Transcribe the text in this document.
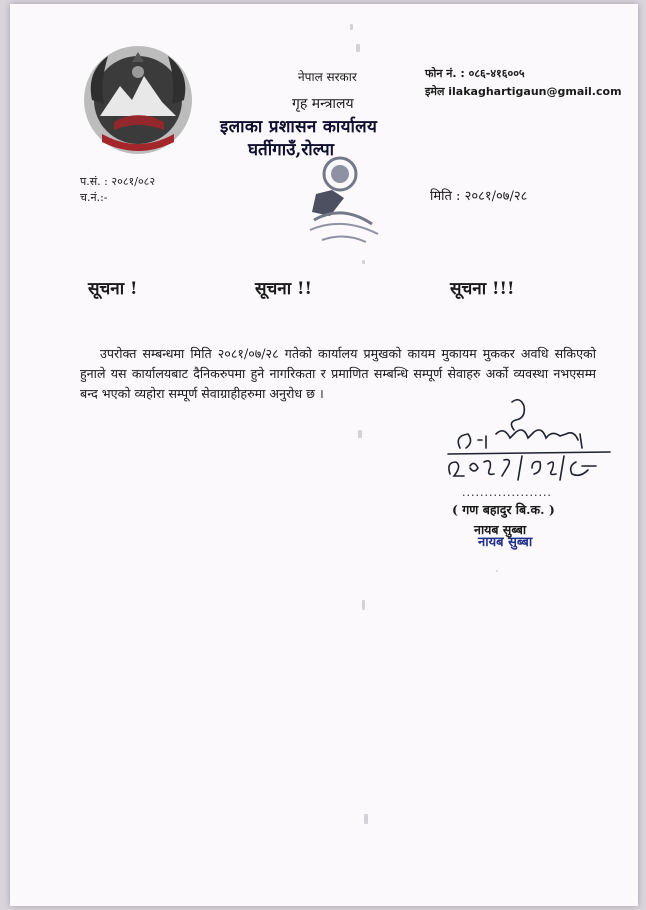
नेपाल सरकार
गृह मन्त्रालय
इलाका प्रशासन कार्यालय
घर्तीगाउँ,रोल्पा
फोन नं. : ०८६-४१६००५
इमेल ilakaghartigaun@gmail.com
प.सं. : २०८१/०८२
च.नं.:-	मिति : २०८१/०७/२८
सूचना !	सूचना !!	सूचना !!!
उपरोक्त सम्बन्धमा मिति २०८१/०७/२८ गतेको कार्यालय प्रमुखको कायम मुकायम मुककर अवधि सकिएको हुनाले यस कार्यालयबाट दैनिकरुपमा हुने नागरिकता र प्रमाणित सम्बन्धि सम्पूर्ण सेवाहरु अर्को व्यवस्था नभएसम्म बन्द भएको व्यहोरा सम्पूर्ण सेवाग्राहीहरुमा अनुरोध छ ।
....................
( गण बहादुर बि.क. )
नायब सुब्बा
नायब सुब्बा
